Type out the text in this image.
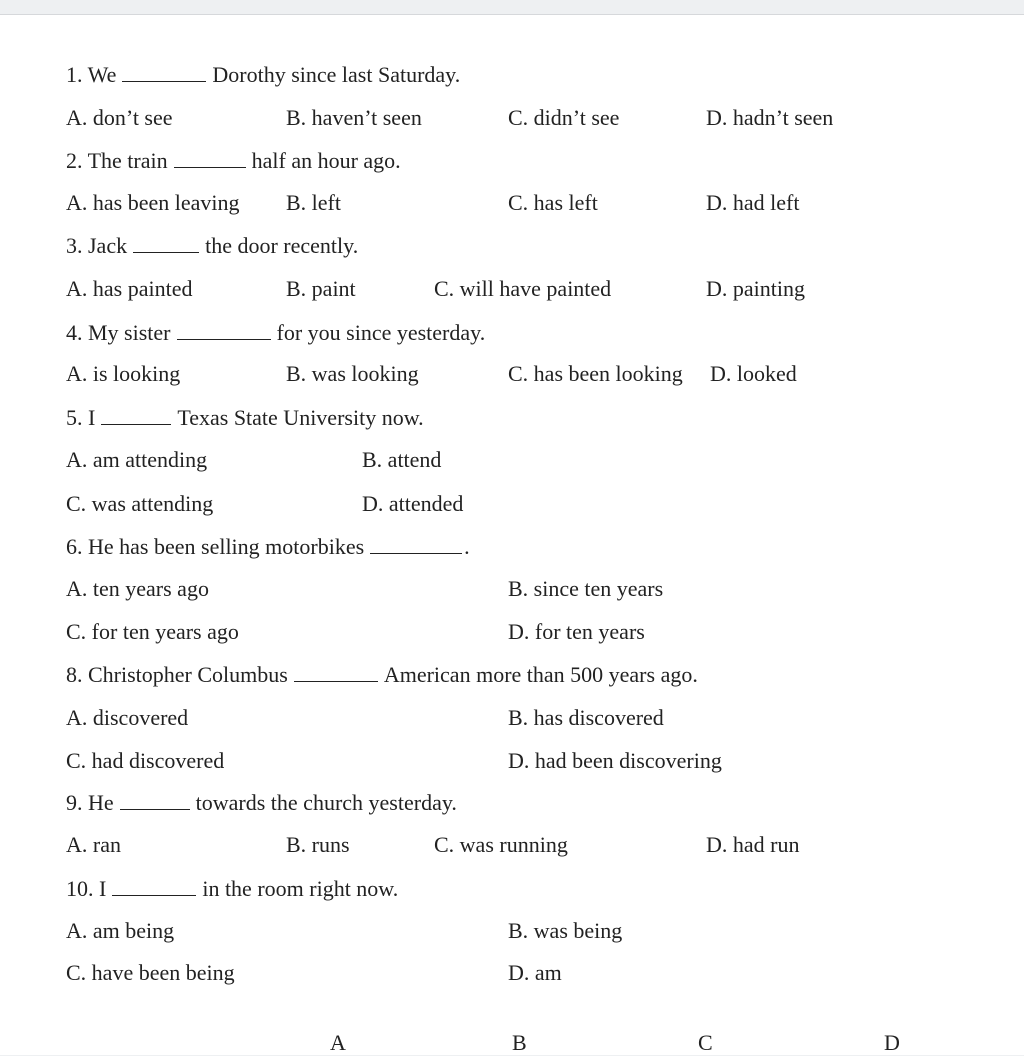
1. We	Dorothy since last Saturday.
A. don’t see	B. haven’t seen	C. didn’t see	D. hadn’t seen
2. The train	half an hour ago.
A. has been leaving B. left	C. has left	D. had left
3. Jack	the door recently.
A. has painted	B. paint	C. will have painted	D. painting
4. My sister	for you since yesterday.
A. is looking	B. was looking	C. has been looking D. looked
5. I	Texas State University now.
A. am attending	B. attend
C. was attending	D. attended
6. He has been selling motorbikes	.
A. ten years ago	B. since ten years
C. for ten years ago	D. for ten years
8. Christopher Columbus	American more than 500 years ago.
A. discovered	B. has discovered
C. had discovered	D. had been discovering
9. He	towards the church yesterday.
A. ran	B. runs	C. was running	D. had run
10. I	in the room right now.
A. am being	B. was being
C. have been being	D. am
A	B	C	D
